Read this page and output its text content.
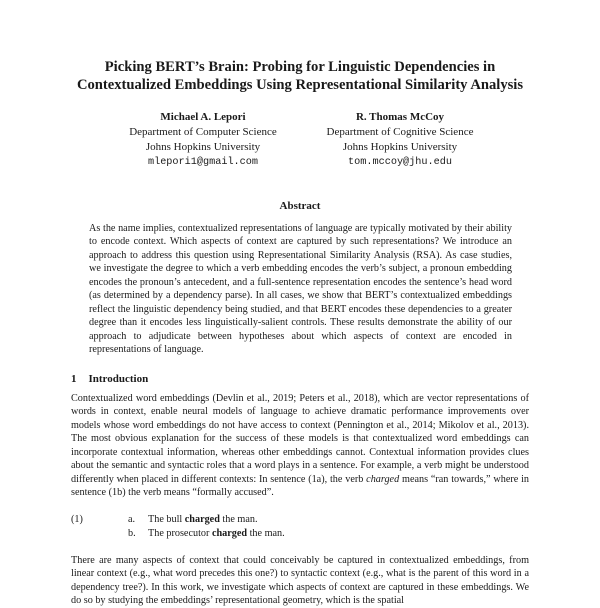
Picking BERT’s Brain: Probing for Linguistic Dependencies in
Contextualized Embeddings Using Representational Similarity Analysis
Michael A. Lepori
Department of Computer Science
Johns Hopkins University
mlepori1@gmail.com
R. Thomas McCoy
Department of Cognitive Science
Johns Hopkins University
tom.mccoy@jhu.edu
Abstract

As the name implies, contextualized representations of language are typically motivated by their ability to encode context. Which aspects of context are captured by such representations? We introduce an approach to address this question using Representational Similarity Analysis (RSA). As case studies, we investigate the degree to which a verb embedding encodes the verb’s subject, a pronoun embedding encodes the pronoun’s antecedent, and a full-sentence representation encodes the sentence’s head word (as determined by a dependency parse). In all cases, we show that BERT’s contextualized embeddings reflect the linguistic dependency being studied, and that BERT encodes these dependencies to a greater degree than it encodes less linguistically-salient controls. These results demonstrate the ability of our approach to adjudicate between hypotheses about which aspects of context are encoded in representations of language.

1 Introduction

Contextualized word embeddings (Devlin et al., 2019; Peters et al., 2018), which are vector representations of words in context, enable neural models of language to achieve dramatic performance improvements over models whose word embeddings do not have access to context (Pennington et al., 2014; Mikolov et al., 2013). The most obvious explanation for the success of these models is that contextualized word embeddings can incorporate contextual information, whereas other embeddings cannot. Contextual information provides clues about the semantic and syntactic roles that a word plays in a sentence. For example, a verb might be understood differently when placed in different contexts: In sentence (1a), the verb charged means “ran towards,” where in sentence (1b) the verb means “formally accused”.

(1)	a.	The bull charged the man.
b.	The prosecutor charged the man.

There are many aspects of context that could conceivably be captured in contextualized embeddings, from linear context (e.g., what word precedes this one?) to syntactic context (e.g., what is the parent of this word in a dependency tree?). In this work, we investigate which aspects of context are captured in these embeddings. We do so by studying the embeddings’ representational geometry, which is the spatial
